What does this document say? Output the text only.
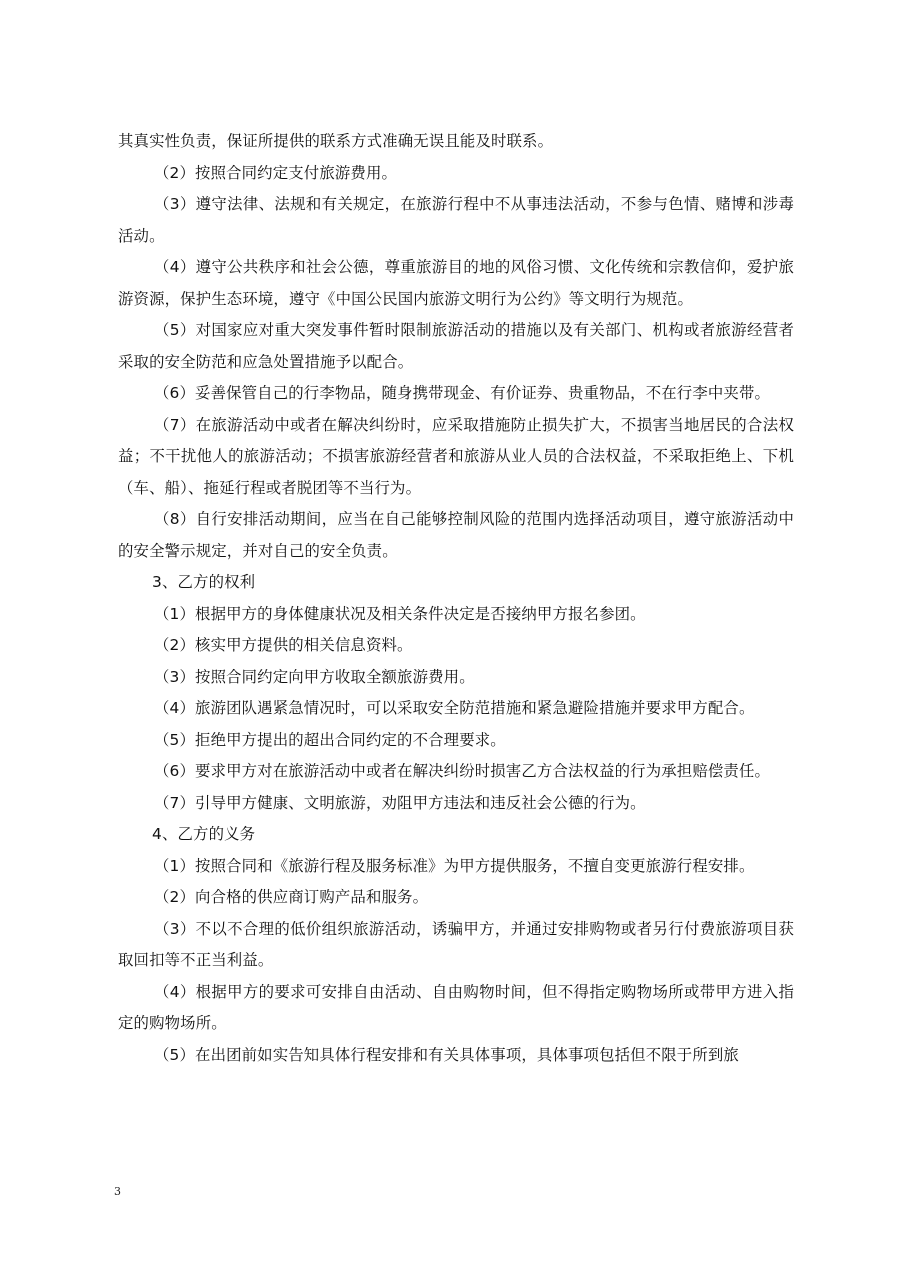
其真实性负责，保证所提供的联系方式准确无误且能及时联系。

（2）按照合同约定支付旅游费用。

（3）遵守法律、法规和有关规定，在旅游行程中不从事违法活动，不参与色情、赌博和涉毒活动。

（4）遵守公共秩序和社会公德，尊重旅游目的地的风俗习惯、文化传统和宗教信仰，爱护旅游资源，保护生态环境，遵守《中国公民国内旅游文明行为公约》等文明行为规范。

（5）对国家应对重大突发事件暂时限制旅游活动的措施以及有关部门、机构或者旅游经营者采取的安全防范和应急处置措施予以配合。

（6）妥善保管自己的行李物品，随身携带现金、有价证券、贵重物品，不在行李中夹带。

（7）在旅游活动中或者在解决纠纷时，应采取措施防止损失扩大，不损害当地居民的合法权益；不干扰他人的旅游活动；不损害旅游经营者和旅游从业人员的合法权益，不采取拒绝上、下机（车、船）、拖延行程或者脱团等不当行为。

（8）自行安排活动期间，应当在自己能够控制风险的范围内选择活动项目，遵守旅游活动中的安全警示规定，并对自己的安全负责。

3、乙方的权利

（1）根据甲方的身体健康状况及相关条件决定是否接纳甲方报名参团。

（2）核实甲方提供的相关信息资料。

（3）按照合同约定向甲方收取全额旅游费用。

（4）旅游团队遇紧急情况时，可以采取安全防范措施和紧急避险措施并要求甲方配合。

（5）拒绝甲方提出的超出合同约定的不合理要求。

（6）要求甲方对在旅游活动中或者在解决纠纷时损害乙方合法权益的行为承担赔偿责任。

（7）引导甲方健康、文明旅游，劝阻甲方违法和违反社会公德的行为。

4、乙方的义务

（1）按照合同和《旅游行程及服务标准》为甲方提供服务，不擅自变更旅游行程安排。

（2）向合格的供应商订购产品和服务。

（3）不以不合理的低价组织旅游活动，诱骗甲方，并通过安排购物或者另行付费旅游项目获取回扣等不正当利益。

（4）根据甲方的要求可安排自由活动、自由购物时间，但不得指定购物场所或带甲方进入指定的购物场所。

（5）在出团前如实告知具体行程安排和有关具体事项，具体事项包括但不限于所到旅

3
